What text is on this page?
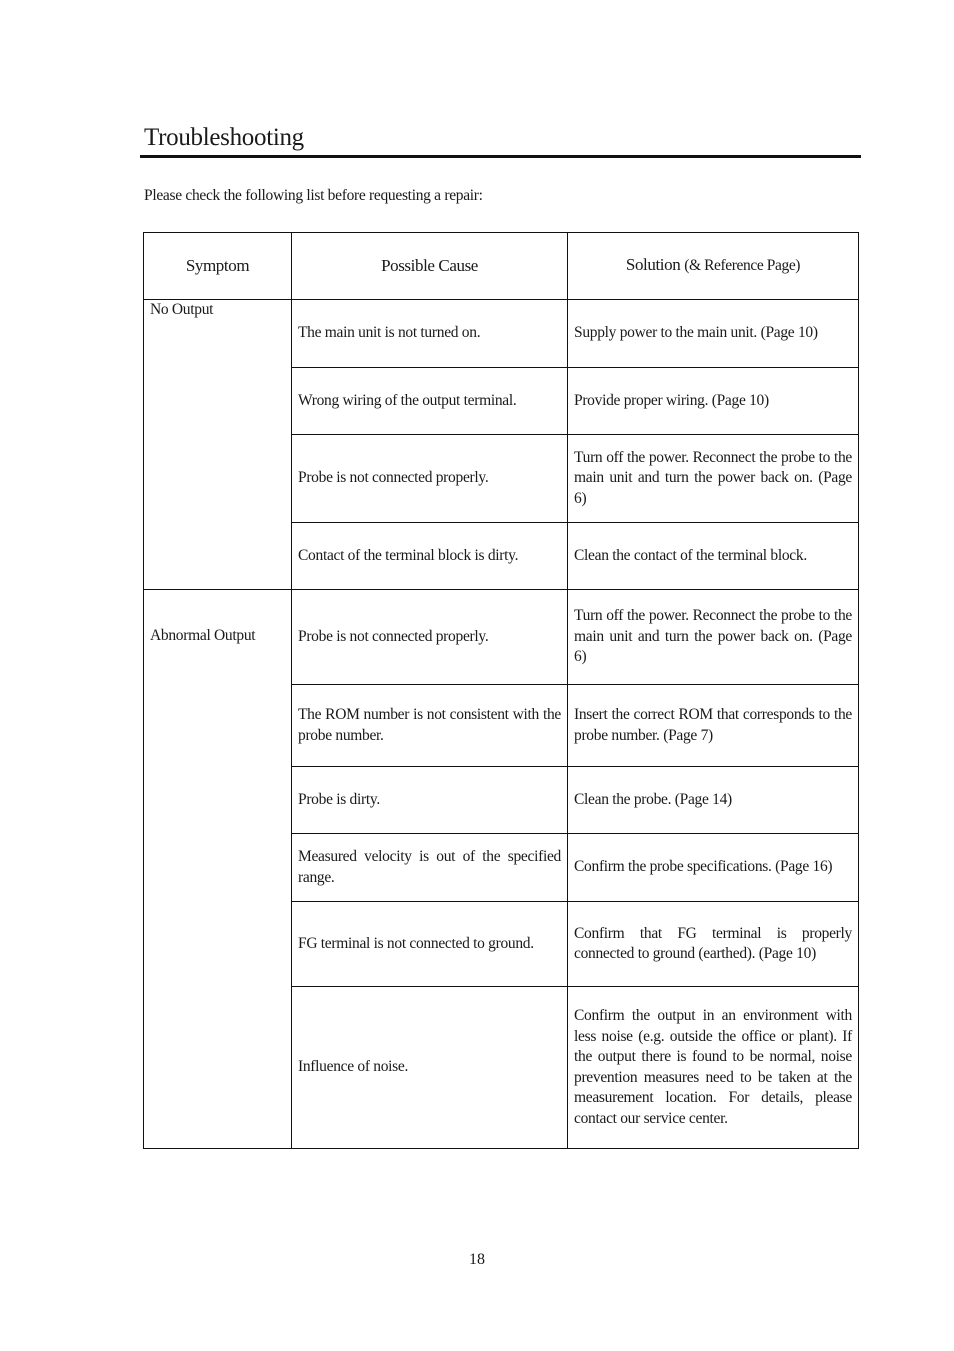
Troubleshooting
Please check the following list before requesting a repair:
Symptom	Possible Cause	Solution (& Reference Page)
No Output	The main unit is not turned on.	Supply power to the main unit. (Page 10)
	Wrong wiring of the output terminal.	Provide proper wiring. (Page 10)
	Probe is not connected properly.	Turn off the power. Reconnect the probe to the main unit and turn the power back on. (Page 6)
	Contact of the terminal block is dirty.	Clean the contact of the terminal block.
Abnormal Output	Probe is not connected properly.	Turn off the power. Reconnect the probe to the main unit and turn the power back on. (Page 6)
	The ROM number is not consistent with the probe number.	Insert the correct ROM that corresponds to the probe number. (Page 7)
	Probe is dirty.	Clean the probe. (Page 14)
	Measured velocity is out of the specified range.	Confirm the probe specifications. (Page 16)
	FG terminal is not connected to ground.	Confirm that FG terminal is properly connected to ground (earthed). (Page 10)
	Influence of noise.	Confirm the output in an environment with less noise (e.g. outside the office or plant). If the output there is found to be normal, noise prevention measures need to be taken at the measurement location. For details, please contact our service center.
18
